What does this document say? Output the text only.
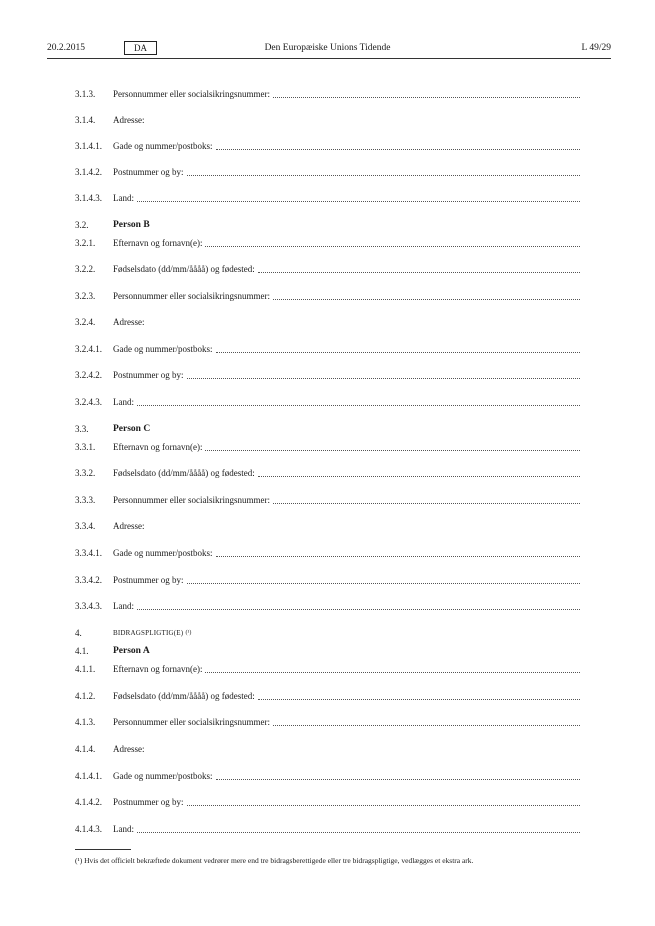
20.2.2015	DA	Den Europæiske Unions Tidende	L 49/29
3.1.3.	Personnummer eller socialsikringsnummer:
3.1.4.	Adresse:
3.1.4.1.	Gade og nummer/postboks:
3.1.4.2.	Postnummer og by:
3.1.4.3.	Land:
3.2.	Person B
3.2.1.	Efternavn og fornavn(e):
3.2.2.	Fødselsdato (dd/mm/åååå) og fødested:
3.2.3.	Personnummer eller socialsikringsnummer:
3.2.4.	Adresse:
3.2.4.1.	Gade og nummer/postboks:
3.2.4.2.	Postnummer og by:
3.2.4.3.	Land:
3.3.	Person C
3.3.1.	Efternavn og fornavn(e):
3.3.2.	Fødselsdato (dd/mm/åååå) og fødested:
3.3.3.	Personnummer eller socialsikringsnummer:
3.3.4.	Adresse:
3.3.4.1.	Gade og nummer/postboks:
3.3.4.2.	Postnummer og by:
3.3.4.3.	Land:
4.	BIDRAGSPLIGTIG(E)
(¹)
4.1.	Person A
4.1.1.	Efternavn og fornavn(e):
4.1.2.	Fødselsdato (dd/mm/åååå) og fødested:
4.1.3.	Personnummer eller socialsikringsnummer:
4.1.4.	Adresse:
4.1.4.1.	Gade og nummer/postboks:
4.1.4.2.	Postnummer og by:
4.1.4.3.	Land:
(¹) Hvis det officielt bekræftede dokument vedrører mere end tre bidragsberettigede eller tre bidragspligtige, vedlægges et ekstra ark.
